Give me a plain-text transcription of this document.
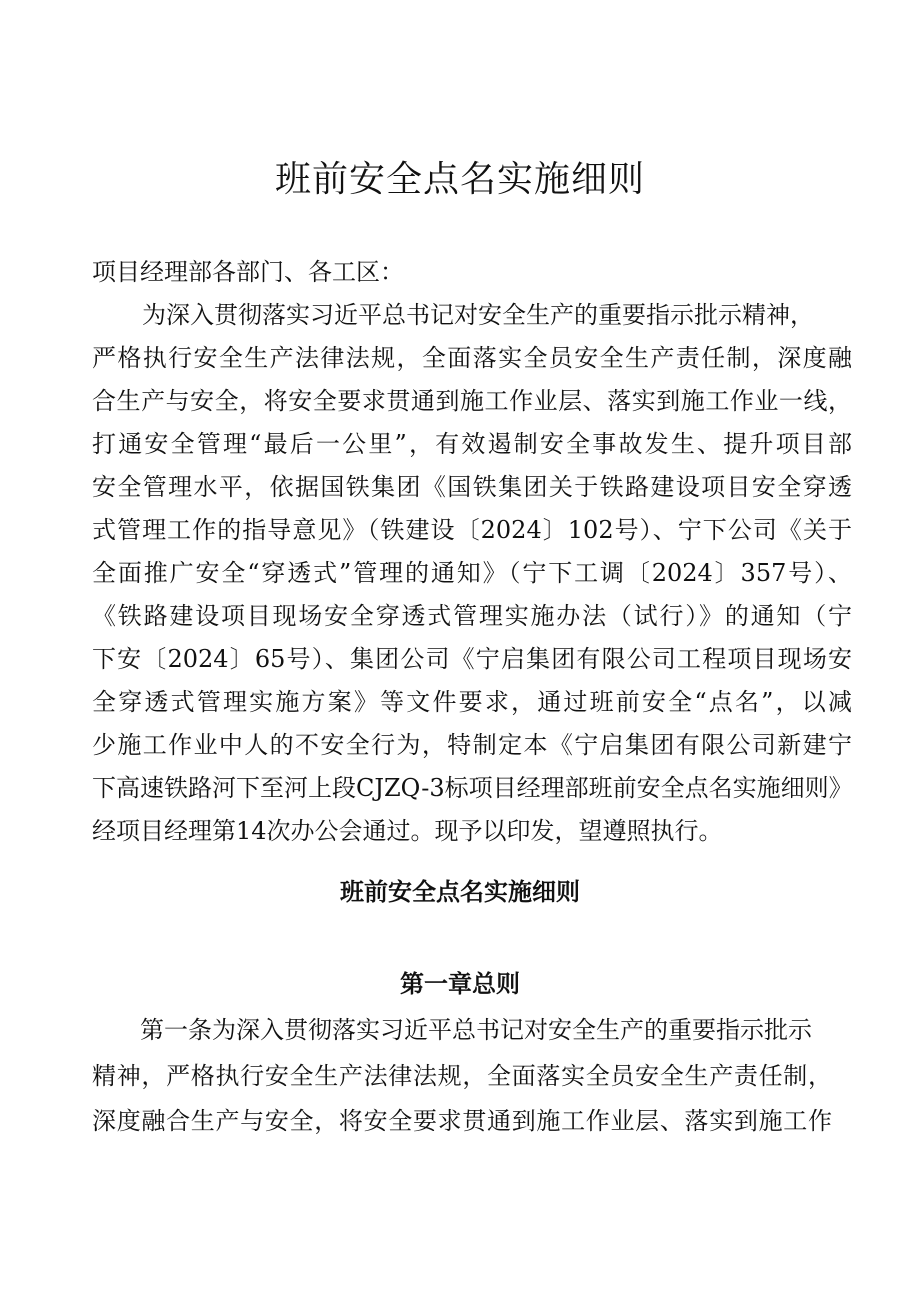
班前安全点名实施细则

项目经理部各部门、各工区：

为深入贯彻落实习近平总书记对安全生产的重要指示批示精神，

严格执行安全生产法律法规，全面落实全员安全生产责任制，深度融

合生产与安全，将安全要求贯通到施工作业层、落实到施工作业一线，

打通安全管理“最后一公里”，有效遏制安全事故发生、提升项目部

安全管理水平，依据国铁集团《国铁集团关于铁路建设项目安全穿透

式管理工作的指导意见》（铁建设〔2024〕102号）、宁下公司《关于

全面推广安全“穿透式”管理的通知》（宁下工调〔2024〕357号）、

《铁路建设项目现场安全穿透式管理实施办法（试行）》的通知（宁

下安〔2024〕65号）、集团公司《宁启集团有限公司工程项目现场安

全穿透式管理实施方案》等文件要求，通过班前安全“点名”，以减

少施工作业中人的不安全行为，特制定本《宁启集团有限公司新建宁

下高速铁路河下至河上段CJZQ-3标项目经理部班前安全点名实施细则》

经项目经理第14次办公会通过。现予以印发，望遵照执行。

班前安全点名实施细则
第一章总则

第一条为深入贯彻落实习近平总书记对安全生产的重要指示批示

精神，严格执行安全生产法律法规，全面落实全员安全生产责任制，

深度融合生产与安全，将安全要求贯通到施工作业层、落实到施工作
